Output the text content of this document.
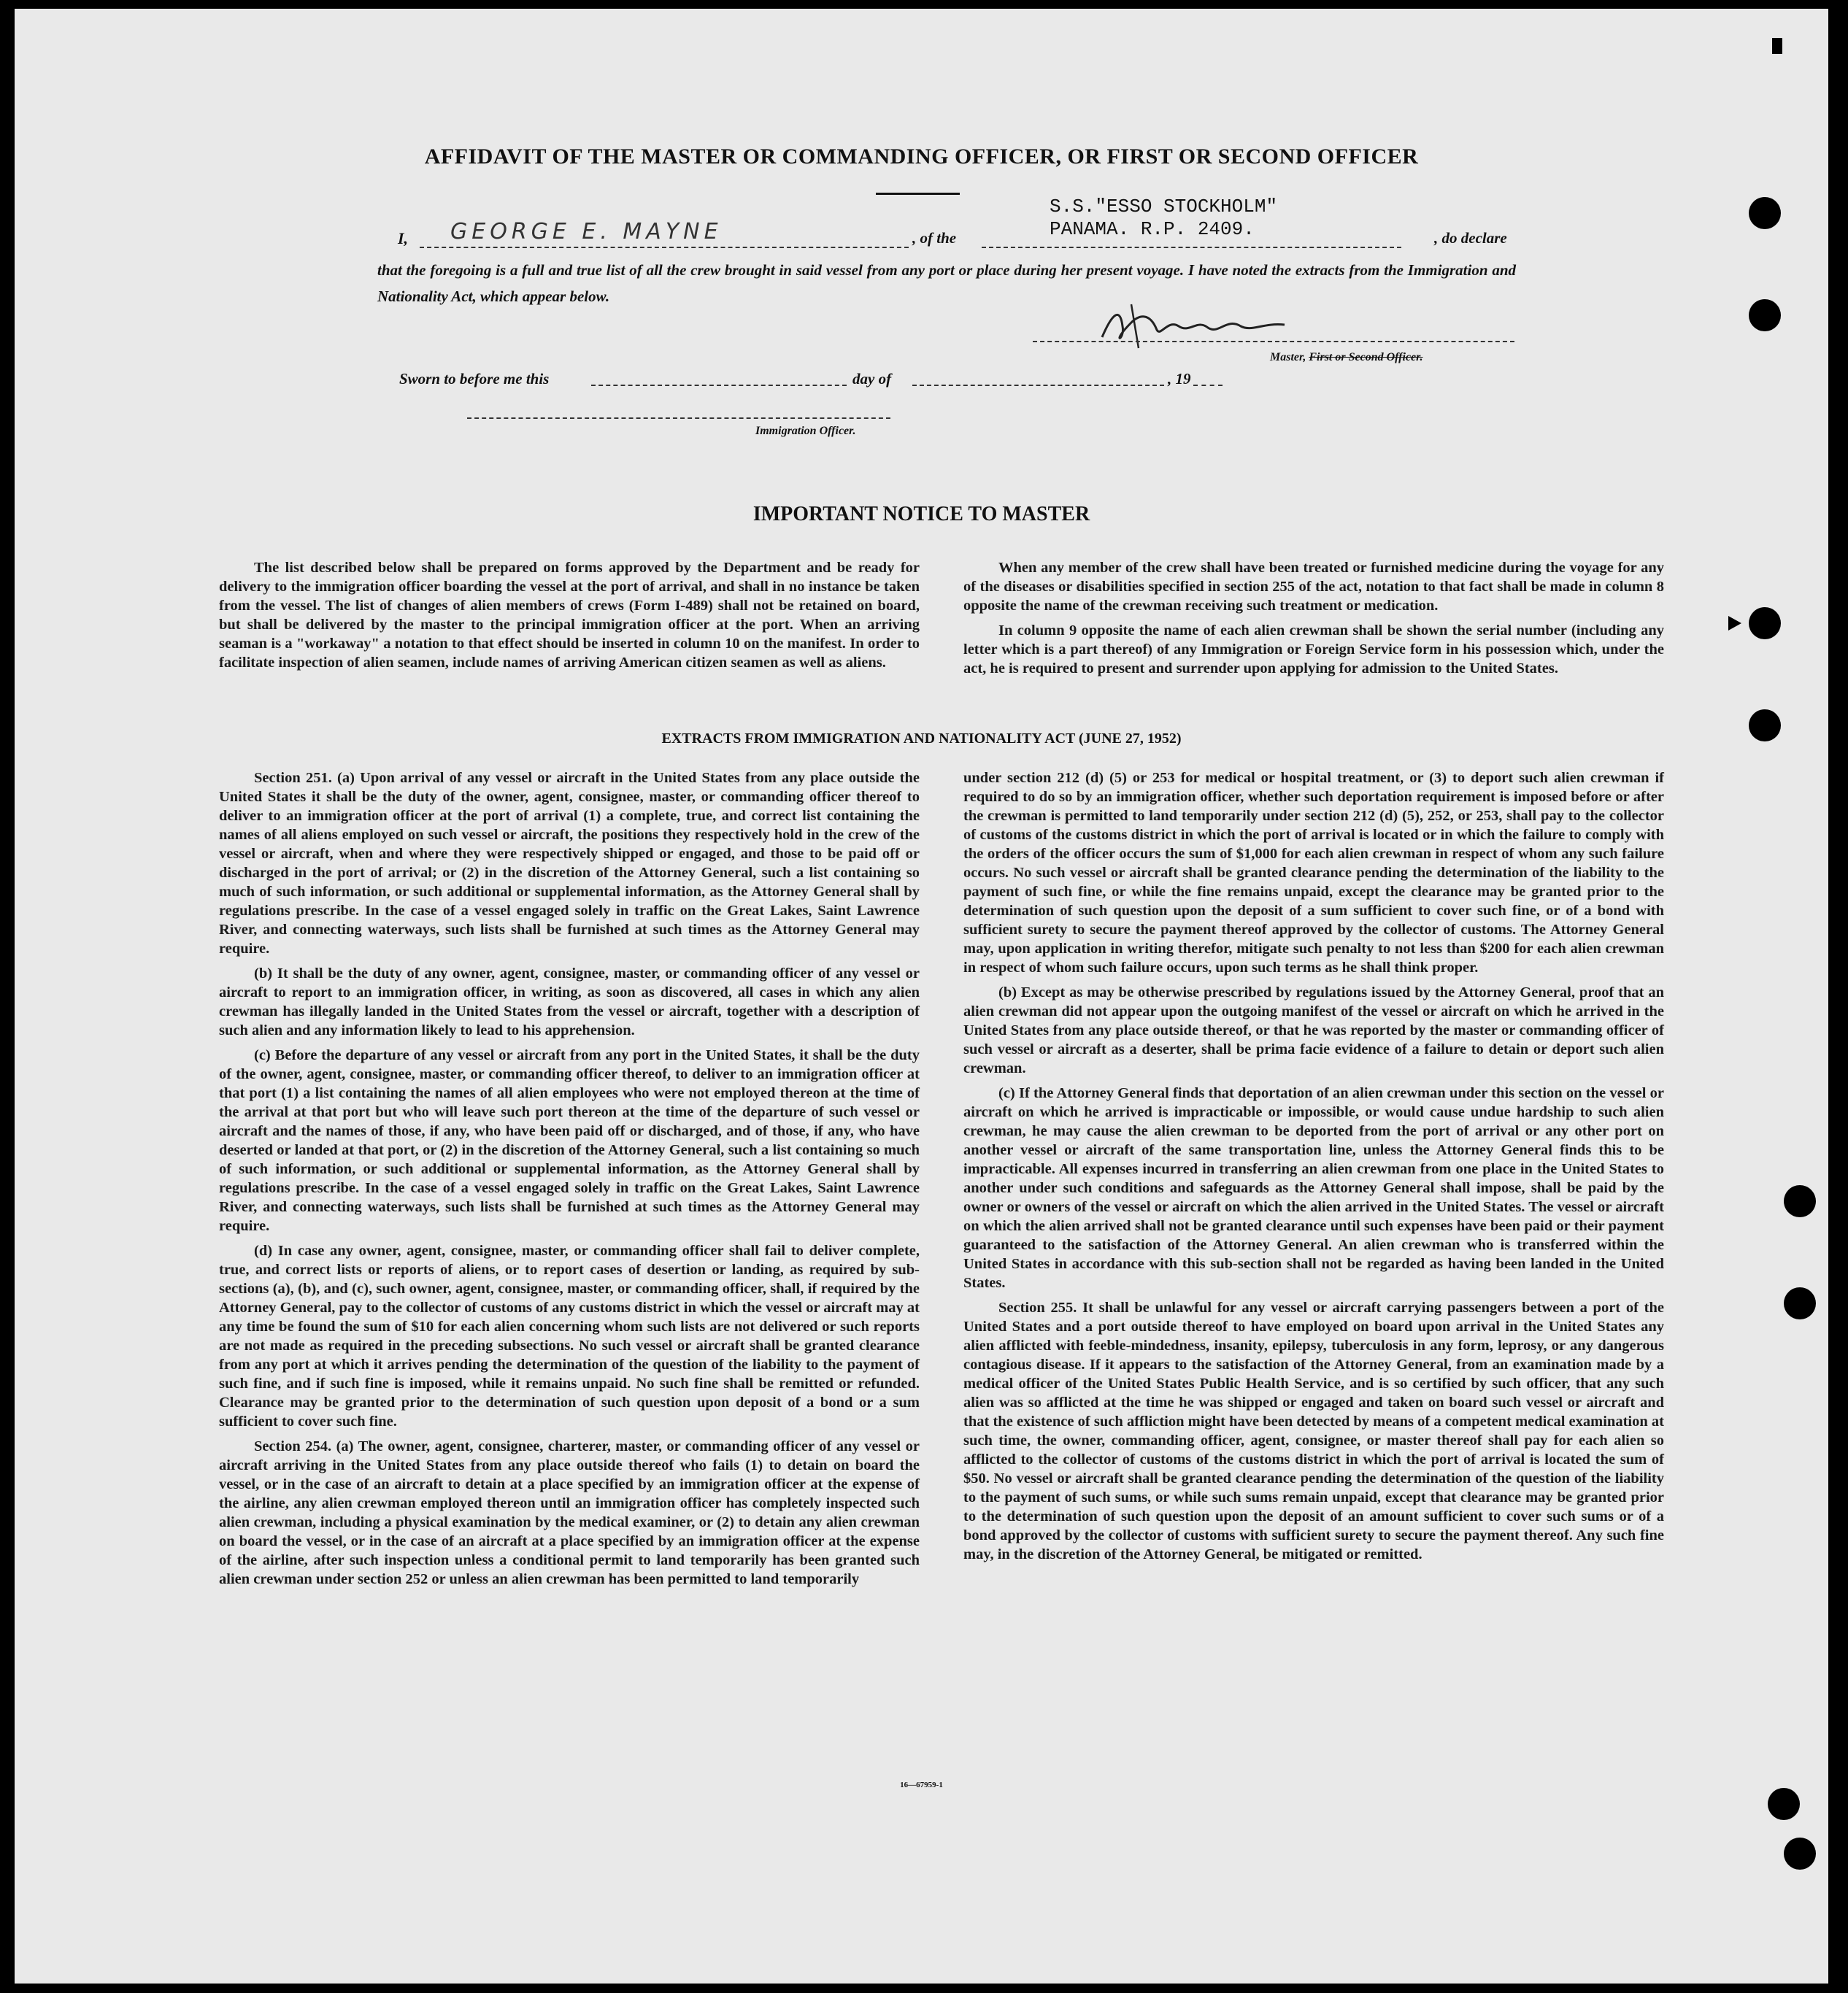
AFFIDAVIT OF THE MASTER OR COMMANDING OFFICER, OR FIRST OR SECOND OFFICER
S.S."ESSO STOCKHOLM"
PANAMA. R.P. 2409.
I, GEORGE E. MAYNE	, of the	, do declare
that the foregoing is a full and true list of all the crew brought in said vessel from any port or place during her present voyage. I have noted the extracts from the Immigration and Nationality Act, which appear below.
Master, First or Second Officer.
Sworn to before me this	day of	, 19
Immigration Officer.
IMPORTANT NOTICE TO MASTER

The list described below shall be prepared on forms approved by the Department and be ready for delivery to the immigration officer boarding the vessel at the port of arrival, and shall in no instance be taken from the vessel. The list of changes of alien members of crews (Form I-489) shall not be retained on board, but shall be delivered by the master to the principal immigration officer at the port. When an arriving seaman is a "workaway" a notation to that effect should be inserted in column 10 on the manifest. In order to facilitate inspection of alien seamen, include names of arriving American citizen seamen as well as aliens.

When any member of the crew shall have been treated or furnished medicine during the voyage for any of the diseases or disabilities specified in section 255 of the act, notation to that fact shall be made in column 8 opposite the name of the crewman receiving such treatment or medication.

In column 9 opposite the name of each alien crewman shall be shown the serial number (including any letter which is a part thereof) of any Immigration or Foreign Service form in his possession which, under the act, he is required to present and surrender upon applying for admission to the United States.

EXTRACTS FROM IMMIGRATION AND NATIONALITY ACT (JUNE 27, 1952)

Section 251. (a) Upon arrival of any vessel or aircraft in the United States from any place outside the United States it shall be the duty of the owner, agent, consignee, master, or commanding officer thereof to deliver to an immigration officer at the port of arrival (1) a complete, true, and correct list containing the names of all aliens employed on such vessel or aircraft, the positions they respectively hold in the crew of the vessel or aircraft, when and where they were respectively shipped or engaged, and those to be paid off or discharged in the port of arrival; or (2) in the discretion of the Attorney General, such a list containing so much of such information, or such additional or supplemental information, as the Attorney General shall by regulations prescribe. In the case of a vessel engaged solely in traffic on the Great Lakes, Saint Lawrence River, and connecting waterways, such lists shall be furnished at such times as the Attorney General may require.

(b) It shall be the duty of any owner, agent, consignee, master, or commanding officer of any vessel or aircraft to report to an immigration officer, in writing, as soon as discovered, all cases in which any alien crewman has illegally landed in the United States from the vessel or aircraft, together with a description of such alien and any information likely to lead to his apprehension.

(c) Before the departure of any vessel or aircraft from any port in the United States, it shall be the duty of the owner, agent, consignee, master, or commanding officer thereof, to deliver to an immigration officer at that port (1) a list containing the names of all alien employees who were not employed thereon at the time of the arrival at that port but who will leave such port thereon at the time of the departure of such vessel or aircraft and the names of those, if any, who have been paid off or discharged, and of those, if any, who have deserted or landed at that port, or (2) in the discretion of the Attorney General, such a list containing so much of such information, or such additional or supplemental information, as the Attorney General shall by regulations prescribe. In the case of a vessel engaged solely in traffic on the Great Lakes, Saint Lawrence River, and connecting waterways, such lists shall be furnished at such times as the Attorney General may require.

(d) In case any owner, agent, consignee, master, or commanding officer shall fail to deliver complete, true, and correct lists or reports of aliens, or to report cases of desertion or landing, as required by sub-sections (a), (b), and (c), such owner, agent, consignee, master, or commanding officer, shall, if required by the Attorney General, pay to the collector of customs of any customs district in which the vessel or aircraft may at any time be found the sum of $10 for each alien concerning whom such lists are not delivered or such reports are not made as required in the preceding subsections. No such vessel or aircraft shall be granted clearance from any port at which it arrives pending the determination of the question of the liability to the payment of such fine, and if such fine is imposed, while it remains unpaid. No such fine shall be remitted or refunded. Clearance may be granted prior to the determination of such question upon deposit of a bond or a sum sufficient to cover such fine.

Section 254. (a) The owner, agent, consignee, charterer, master, or commanding officer of any vessel or aircraft arriving in the United States from any place outside thereof who fails (1) to detain on board the vessel, or in the case of an aircraft to detain at a place specified by an immigration officer at the expense of the airline, any alien crewman employed thereon until an immigration officer has completely inspected such alien crewman, including a physical examination by the medical examiner, or (2) to detain any alien crewman on board the vessel, or in the case of an aircraft at a place specified by an immigration officer at the expense of the airline, after such inspection unless a conditional permit to land temporarily has been granted such alien crewman under section 252 or unless an alien crewman has been permitted to land temporarily

under section 212 (d) (5) or 253 for medical or hospital treatment, or (3) to deport such alien crewman if required to do so by an immigration officer, whether such deportation requirement is imposed before or after the crewman is permitted to land temporarily under section 212 (d) (5), 252, or 253, shall pay to the collector of customs of the customs district in which the port of arrival is located or in which the failure to comply with the orders of the officer occurs the sum of $1,000 for each alien crewman in respect of whom any such failure occurs. No such vessel or aircraft shall be granted clearance pending the determination of the liability to the payment of such fine, or while the fine remains unpaid, except the clearance may be granted prior to the determination of such question upon the deposit of a sum sufficient to cover such fine, or of a bond with sufficient surety to secure the payment thereof approved by the collector of customs. The Attorney General may, upon application in writing therefor, mitigate such penalty to not less than $200 for each alien crewman in respect of whom such failure occurs, upon such terms as he shall think proper.

(b) Except as may be otherwise prescribed by regulations issued by the Attorney General, proof that an alien crewman did not appear upon the outgoing manifest of the vessel or aircraft on which he arrived in the United States from any place outside thereof, or that he was reported by the master or commanding officer of such vessel or aircraft as a deserter, shall be prima facie evidence of a failure to detain or deport such alien crewman.

(c) If the Attorney General finds that deportation of an alien crewman under this section on the vessel or aircraft on which he arrived is impracticable or impossible, or would cause undue hardship to such alien crewman, he may cause the alien crewman to be deported from the port of arrival or any other port on another vessel or aircraft of the same transportation line, unless the Attorney General finds this to be impracticable. All expenses incurred in transferring an alien crewman from one place in the United States to another under such conditions and safeguards as the Attorney General shall impose, shall be paid by the owner or owners of the vessel or aircraft on which the alien arrived in the United States. The vessel or aircraft on which the alien arrived shall not be granted clearance until such expenses have been paid or their payment guaranteed to the satisfaction of the Attorney General. An alien crewman who is transferred within the United States in accordance with this sub-section shall not be regarded as having been landed in the United States.

Section 255. It shall be unlawful for any vessel or aircraft carrying passengers between a port of the United States and a port outside thereof to have employed on board upon arrival in the United States any alien afflicted with feeble-mindedness, insanity, epilepsy, tuberculosis in any form, leprosy, or any dangerous contagious disease. If it appears to the satisfaction of the Attorney General, from an examination made by a medical officer of the United States Public Health Service, and is so certified by such officer, that any such alien was so afflicted at the time he was shipped or engaged and taken on board such vessel or aircraft and that the existence of such affliction might have been detected by means of a competent medical examination at such time, the owner, commanding officer, agent, consignee, or master thereof shall pay for each alien so afflicted to the collector of customs of the customs district in which the port of arrival is located the sum of $50. No vessel or aircraft shall be granted clearance pending the determination of the question of the liability to the payment of such sums, or while such sums remain unpaid, except that clearance may be granted prior to the determination of such question upon the deposit of an amount sufficient to cover such sums or of a bond approved by the collector of customs with sufficient surety to secure the payment thereof. Any such fine may, in the discretion of the Attorney General, be mitigated or remitted.

16—67959-1
